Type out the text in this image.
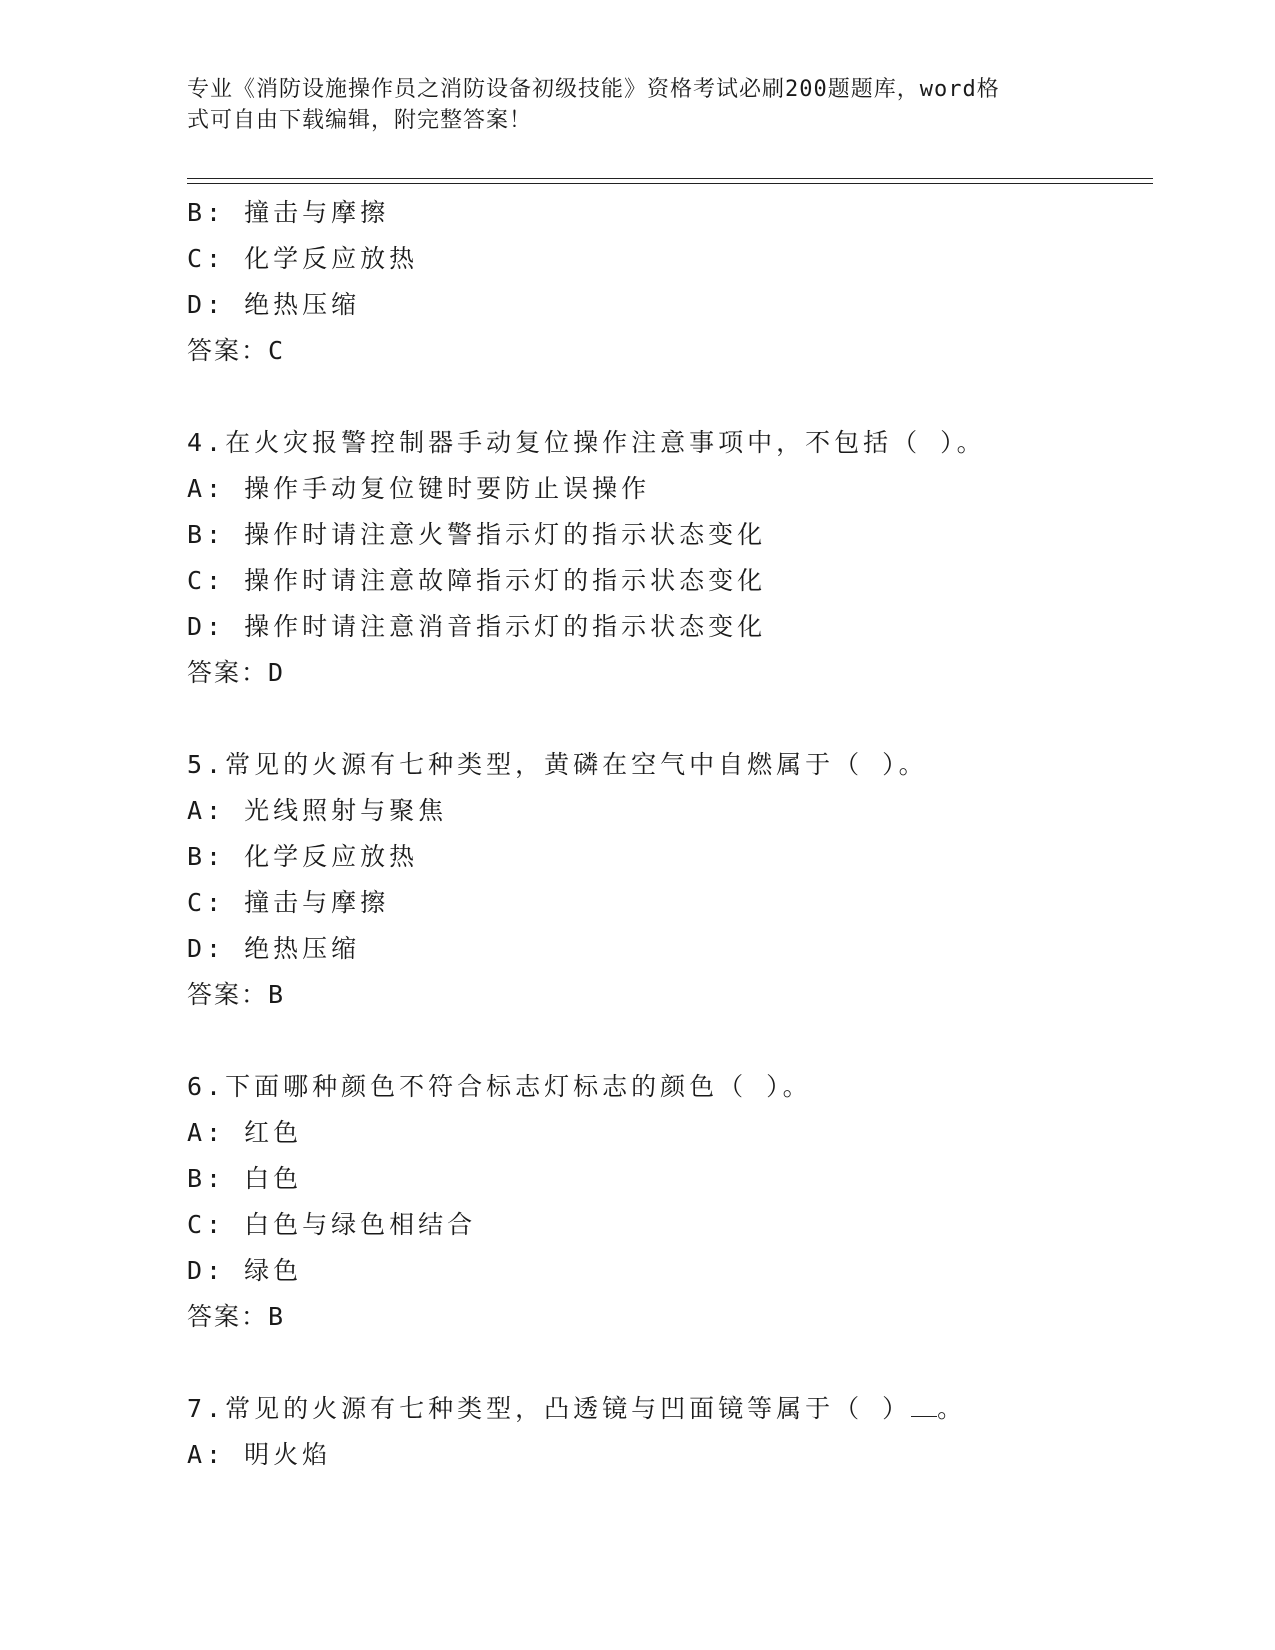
专业《消防设施操作员之消防设备初级技能》资格考试必刷200题题库，word格
式可自由下载编辑，附完整答案！
B: 撞击与摩擦
C: 化学反应放热
D: 绝热压缩
答案：C
4.在火灾报警控制器手动复位操作注意事项中，不包括（ ）。
A: 操作手动复位键时要防止误操作
B: 操作时请注意火警指示灯的指示状态变化
C: 操作时请注意故障指示灯的指示状态变化
D: 操作时请注意消音指示灯的指示状态变化
答案：D
5.常见的火源有七种类型，黄磷在空气中自燃属于（ ）。
A: 光线照射与聚焦
B: 化学反应放热
C: 撞击与摩擦
D: 绝热压缩
答案：B
6.下面哪种颜色不符合标志灯标志的颜色（ ）。
A: 红色
B: 白色
C: 白色与绿色相结合
D: 绿色
答案：B
7.常见的火源有七种类型，凸透镜与凹面镜等属于（ ） 。
A: 明火焰
